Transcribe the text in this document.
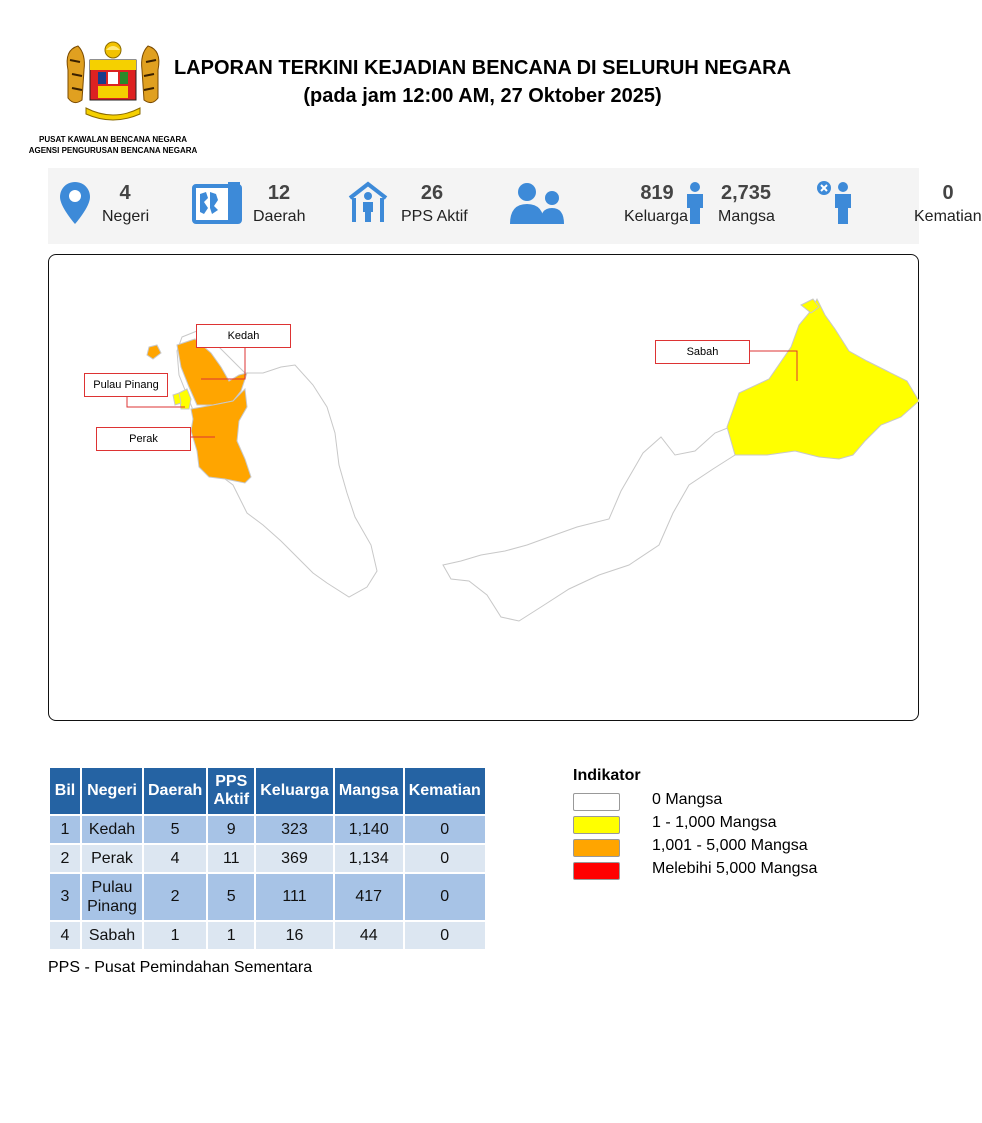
PUSAT KAWALAN BENCANA NEGARA
AGENSI PENGURUSAN BENCANA NEGARA
LAPORAN TERKINI KEJADIAN BENCANA DI SELURUH NEGARA
(pada jam 12:00 AM, 27 Oktober 2025)
4
Negeri
12
Daerah
26
PPS Aktif
819
Keluarga
2,735
Mangsa
0
Kematian
Kedah
Pulau Pinang
Perak
Sabah
Bil	Negeri	Daerah	PPS Aktif	Keluarga	Mangsa	Kematian
1	Kedah	5	9	323	1,140	0
2	Perak	4	11	369	1,134	0
3	Pulau Pinang	2	5	111	417	0
4	Sabah	1	1	16	44	0
PPS - Pusat Pemindahan Sementara
Indikator
0 Mangsa
1 - 1,000 Mangsa
1,001 - 5,000 Mangsa
Melebihi 5,000 Mangsa
